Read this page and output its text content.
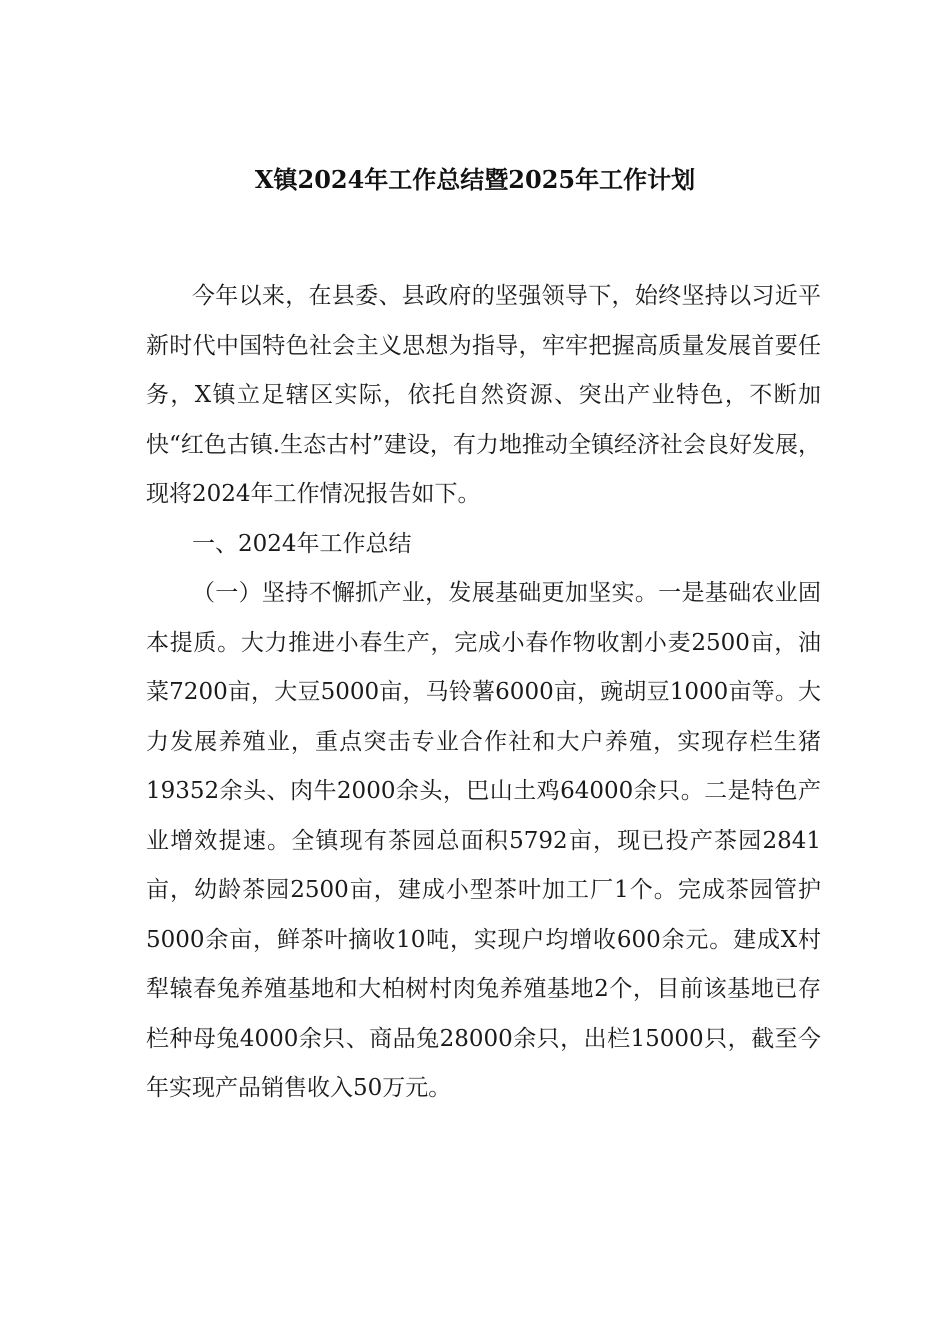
X镇2024年工作总结暨2025年工作计划

今年以来，在县委、县政府的坚强领导下，始终坚持以习近平新时代中国特色社会主义思想为指导，牢牢把握高质量发展首要任务，X镇立足辖区实际，依托自然资源、突出产业特色，不断加快“红色古镇.生态古村”建设，有力地推动全镇经济社会良好发展，现将2024年工作情况报告如下。

一、2024年工作总结

（一）坚持不懈抓产业，发展基础更加坚实。一是基础农业固本提质。大力推进小春生产，完成小春作物收割小麦2500亩，油菜7200亩，大豆5000亩，马铃薯6000亩，豌胡豆1000亩等。大力发展养殖业，重点突击专业合作社和大户养殖，实现存栏生猪19352余头、肉牛2000余头，巴山土鸡64000余只。二是特色产业增效提速。全镇现有茶园总面积5792亩，现已投产茶园2841亩，幼龄茶园2500亩，建成小型茶叶加工厂1个。完成茶园管护5000余亩，鲜茶叶摘收10吨，实现户均增收600余元。建成X村犁辕春兔养殖基地和大柏树村肉兔养殖基地2个，目前该基地已存栏种母兔4000余只、商品兔28000余只，出栏15000只，截至今年实现产品销售收入50万元。
